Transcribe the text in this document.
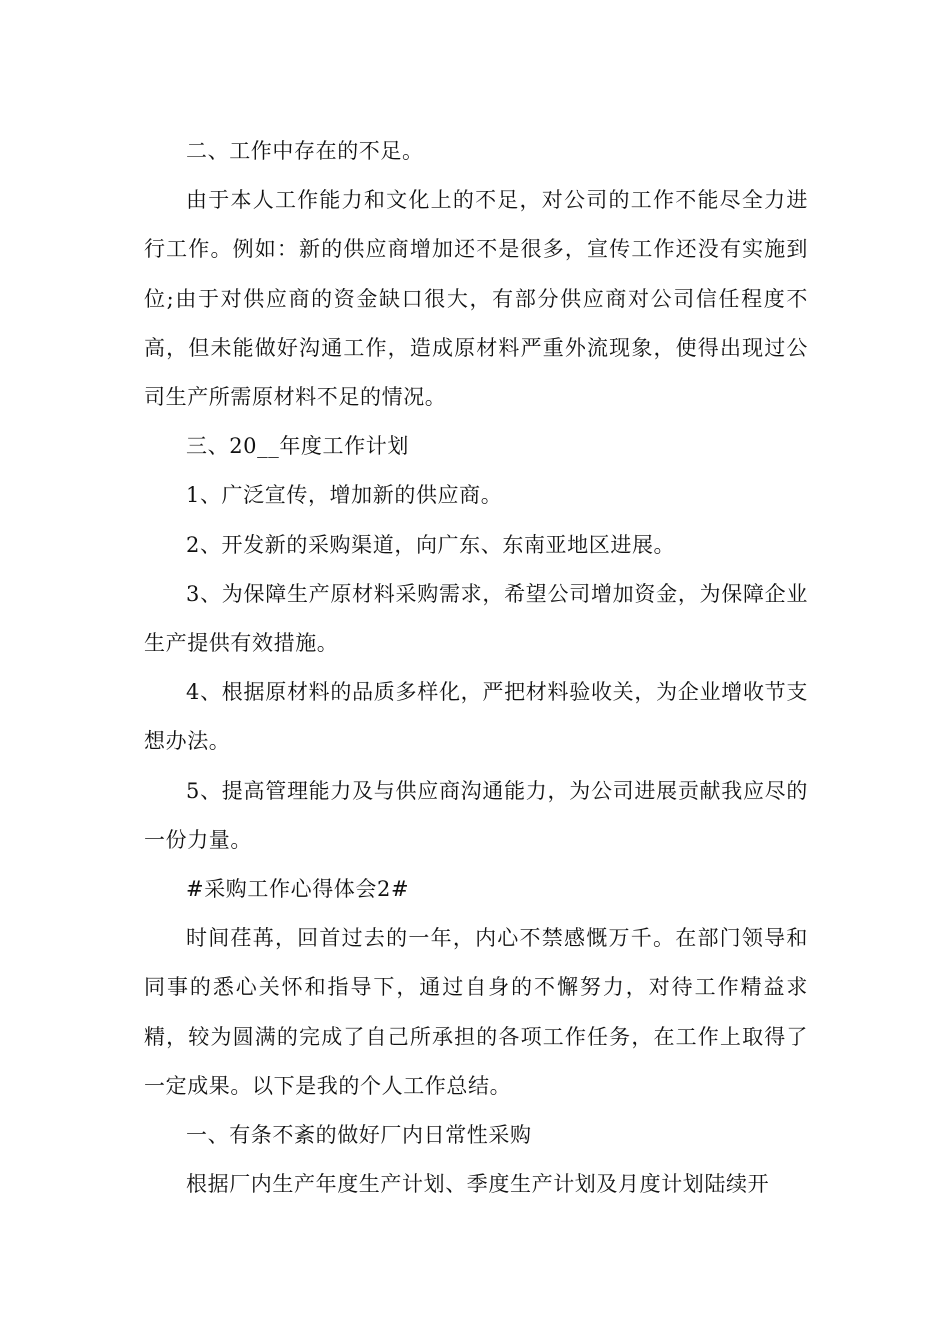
二、工作中存在的不足。

由于本人工作能力和文化上的不足，对公司的工作不能尽全力进行工作。例如：新的供应商增加还不是很多，宣传工作还没有实施到位;由于对供应商的资金缺口很大，有部分供应商对公司信任程度不高，但未能做好沟通工作，造成原材料严重外流现象，使得出现过公司生产所需原材料不足的情况。

三、20__年度工作计划

1、广泛宣传，增加新的供应商。

2、开发新的采购渠道，向广东、东南亚地区进展。

3、为保障生产原材料采购需求，希望公司增加资金，为保障企业生产提供有效措施。

4、根据原材料的品质多样化，严把材料验收关，为企业增收节支想办法。

5、提高管理能力及与供应商沟通能力，为公司进展贡献我应尽的一份力量。

#采购工作心得体会2#

时间荏苒，回首过去的一年，内心不禁感慨万千。在部门领导和同事的悉心关怀和指导下，通过自身的不懈努力，对待工作精益求精，较为圆满的完成了自己所承担的各项工作任务，在工作上取得了一定成果。以下是我的个人工作总结。

一、有条不紊的做好厂内日常性采购

根据厂内生产年度生产计划、季度生产计划及月度计划陆续开
